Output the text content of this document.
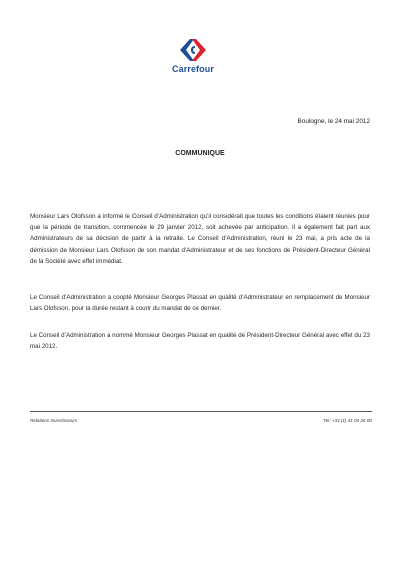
Carrefour
Boulogne, le 24 mai 2012
COMMUNIQUE
Monsieur Lars Olofsson a informé le Conseil d’Administration qu’il considérait que toutes les conditions étaient réunies pour que la période de transition, commencée le 29 janvier 2012, soit achevée par anticipation. Il a également fait part aux Administrateurs de sa décision de partir à la retraite. Le Conseil d’Administration, réuni le 23 mai, a pris acte de la démission de Monsieur Lars Olofsson de son mandat d’Administrateur et de ses fonctions de Président-Directeur Général de la Société avec effet immédiat.
Le Conseil d’Administration a coopté Monsieur Georges Plassat en qualité d’Administrateur en remplacement de Monsieur Lars Olofsson, pour la durée restant à courir du mandat de ce dernier.
Le Conseil d’Administration a nommé Monsieur Georges Plassat en qualité de Président-Directeur Général avec effet du 23 mai 2012.
Relations Investisseurs	Tel: +33 (1) 41 04 26 00
